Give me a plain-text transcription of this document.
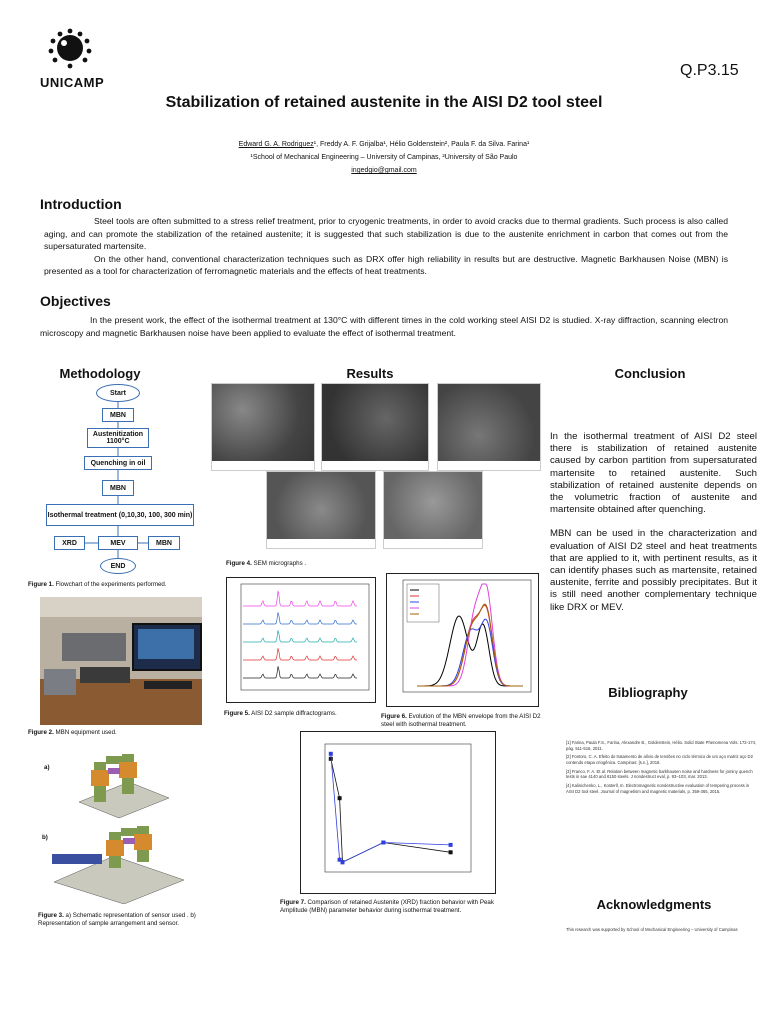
UNICAMP
Q.P3.15
Stabilization of retained austenite in the AISI D2 tool steel
Edward G. A. Rodriguez¹, Freddy A. F. Grijalba¹, Hélio Goldenstein², Paula F. da Silva. Farina¹
¹School of Mechanical Engineering – University of Campinas, ²University of São Paulo
ingedgio@gmail.com
Introduction

Steel tools are often submitted to a stress relief treatment, prior to cryogenic treatments, in order to avoid cracks due to thermal gradients. Such process is also called aging, and can promote the stabilization of the retained austenite; it is suggested that such stabilization is due to the austenite enrichment in carbon that comes out from the supersaturated martensite.

On the other hand, conventional characterization techniques such as DRX offer high reliability in results but are destructive. Magnetic Barkhausen Noise (MBN) is presented as a tool for characterization of ferromagnetic materials and the effects of heat treatments.

Objectives

In the present work, the effect of the isothermal treatment at 130°C with different times in the cold working steel AISI D2 is studied. X-ray diffraction, scanning electron microscopy and magnetic Barkhausen noise have been applied to evaluate the effect of isothermal treatment.

Methodology
Start
MBN
Austenitization 1100°C
Quenching in oil
MBN
Isothermal treatment (0,10,30, 100, 300 min)
XRD	MEV	MBN
END
Figure 1. Flowchart of the experiments performed.
Figure 2. MBN equipment used.
a)
b)
Figure 3. a) Schematic representation of sensor used . b) Representation of sample arrangement and sensor.
Results
Figure 4. SEM micrographs .
Figure 5. AISI D2 sample diffractograms.	Figure 6. Evolution of the MBN envelope from the AISI D2 steel with isothermal treatment.
Figure 7. Comparison of retained Austenite (XRD) fraction behavior with Peak Amplitude (MBN) parameter behavior during isothermal treatment.
Conclusion

In the isothermal treatment of AISI D2 steel there is stabilization of retained austenite caused by carbon partition from supersaturated martensite to retained austenite. Such stabilization of retained austenite depends on the volumetric fraction of austenite and martensite obtained after quenching.

MBN can be used in the characterization and evaluation of AISI D2 steel and heat treatments that are applied to it, with pertinent results, as it can identify phases such as martensite, retained austenite, ferrite and possibly precipitates. But it is still need another complementary technique like DRX or MEV.

Bibliography

[1] Farina, Paula F.S., Farina, Alexandre B., Goldenstein, Hélio. Solid State Phenomena Vols. 172-174, pág. 511-516, 2011.

[2] Fontoro, C. A. Efeito do tratamento de alívio de tensões no ciclo térmico de um aço matriz aço D2 contendo etapa criogênica. Campinas: [s.n.], 2016.

[3] Franco, F. A. Et al. Relation between magnetic barkhausen noise and hardness for jominy quench tests in sae 4140 and 6150 steels. J nondestruct eval, p. 93–103, mar. 2013.

[4] Kalinichenko, L., Kosterll, m. Electromagnetic nondestructive evaluation of tempering process in AISI D2 tool steel. Journal of magnetism and magnetic materials, p. 359-365, 2015.

Acknowledgments
This research was supported by School of Mechanical Engineering – University of Campinas
